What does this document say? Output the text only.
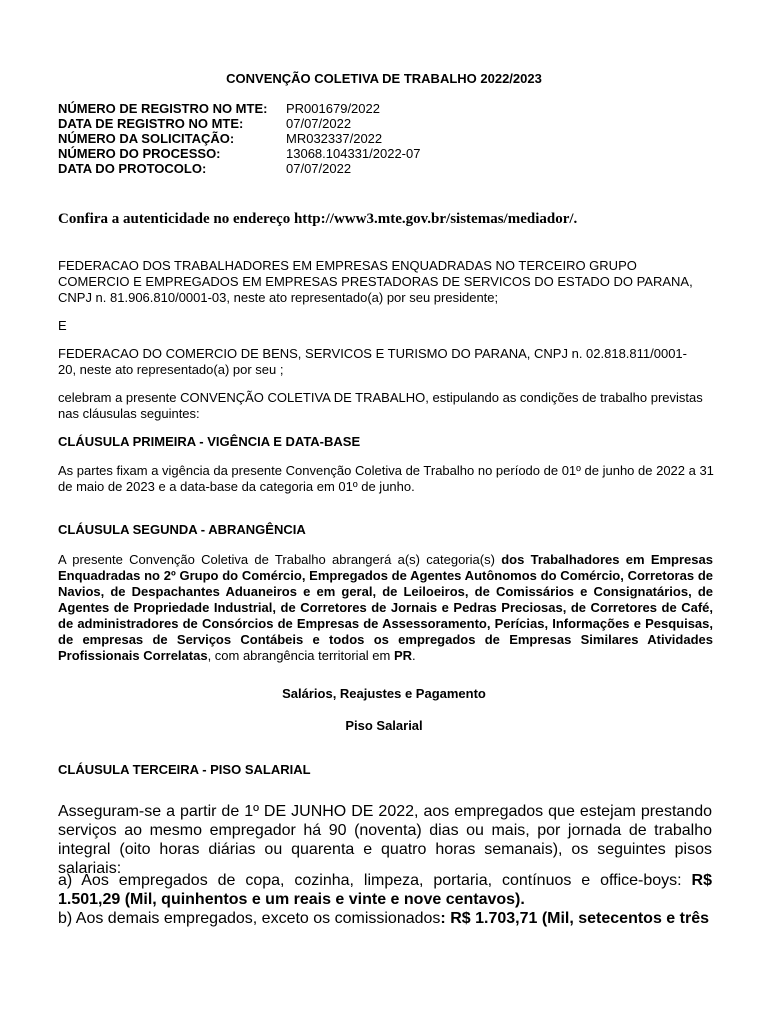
CONVENÇÃO COLETIVA DE TRABALHO 2022/2023
NÚMERO DE REGISTRO NO MTE:	PR001679/2022
DATA DE REGISTRO NO MTE:	07/07/2022
NÚMERO DA SOLICITAÇÃO:	MR032337/2022
NÚMERO DO PROCESSO:	13068.104331/2022-07
DATA DO PROTOCOLO:	07/07/2022
Confira a autenticidade no endereço http://www3.mte.gov.br/sistemas/mediador/.
FEDERACAO DOS TRABALHADORES EM EMPRESAS ENQUADRADAS NO TERCEIRO GRUPO COMERCIO E EMPREGADOS EM EMPRESAS PRESTADORAS DE SERVICOS DO ESTADO DO PARANA, CNPJ n. 81.906.810/0001-03, neste ato representado(a) por seu presidente;
E
FEDERACAO DO COMERCIO DE BENS, SERVICOS E TURISMO DO PARANA, CNPJ n. 02.818.811/0001-20, neste ato representado(a) por seu ;
celebram a presente CONVENÇÃO COLETIVA DE TRABALHO, estipulando as condições de trabalho previstas nas cláusulas seguintes:
CLÁUSULA PRIMEIRA - VIGÊNCIA E DATA-BASE
As partes fixam a vigência da presente Convenção Coletiva de Trabalho no período de 01º de junho de 2022 a 31 de maio de 2023 e a data-base da categoria em 01º de junho.
CLÁUSULA SEGUNDA - ABRANGÊNCIA
A presente Convenção Coletiva de Trabalho abrangerá a(s) categoria(s) dos Trabalhadores em Empresas Enquadradas no 2º Grupo do Comércio, Empregados de Agentes Autônomos do Comércio, Corretoras de Navios, de Despachantes Aduaneiros e em geral, de Leiloeiros, de Comissários e Consignatários, de Agentes de Propriedade Industrial, de Corretores de Jornais e Pedras Preciosas, de Corretores de Café, de administradores de Consórcios de Empresas de Assessoramento, Perícias, Informações e Pesquisas, de empresas de Serviços Contábeis e todos os empregados de Empresas Similares Atividades Profissionais Correlatas, com abrangência territorial em PR.
Salários, Reajustes e Pagamento
Piso Salarial
CLÁUSULA TERCEIRA - PISO SALARIAL
Asseguram-se a partir de 1º DE JUNHO DE 2022, aos empregados que estejam prestando serviços ao mesmo empregador há 90 (noventa) dias ou mais, por jornada de trabalho integral (oito horas diárias ou quarenta e quatro horas semanais), os seguintes pisos salariais:
a) Aos empregados de copa, cozinha, limpeza, portaria, contínuos e office-boys: R$ 1.501,29 (Mil, quinhentos e um reais e vinte e nove centavos).
b) Aos demais empregados, exceto os comissionados: R$ 1.703,71 (Mil, setecentos e três
